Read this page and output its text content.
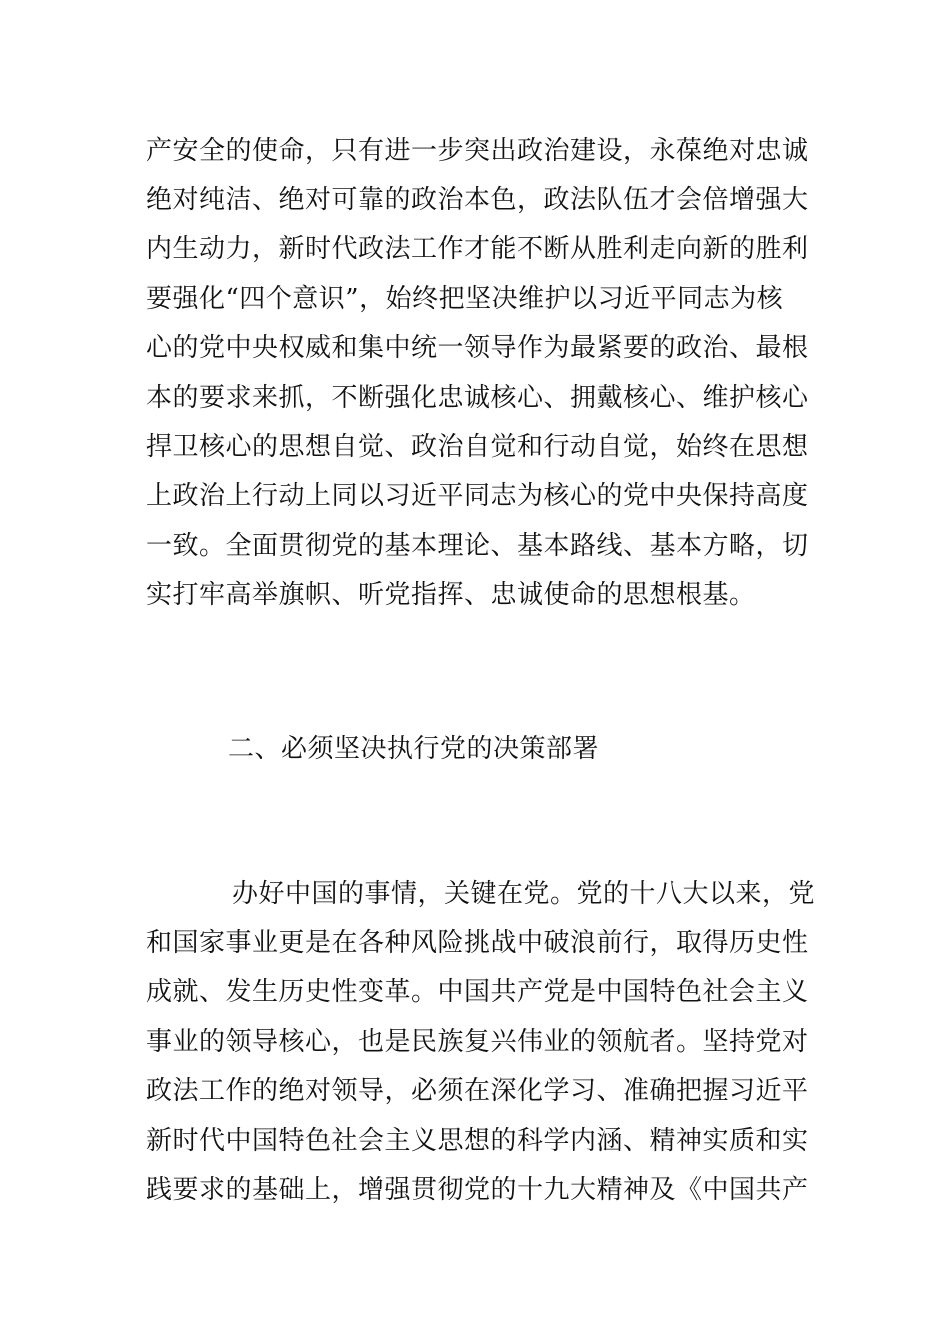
产安全的使命，只有进一步突出政治建设，永葆绝对忠诚
绝对纯洁、绝对可靠的政治本色，政法队伍才会倍增强大
内生动力，新时代政法工作才能不断从胜利走向新的胜利
要强化“四个意识”，始终把坚决维护以习近平同志为核
心的党中央权威和集中统一领导作为最紧要的政治、最根
本的要求来抓，不断强化忠诚核心、拥戴核心、维护核心
捍卫核心的思想自觉、政治自觉和行动自觉，始终在思想
上政治上行动上同以习近平同志为核心的党中央保持高度
一致。全面贯彻党的基本理论、基本路线、基本方略，切
实打牢高举旗帜、听党指挥、忠诚使命的思想根基。
二、必须坚决执行党的决策部署
办好中国的事情，关键在党。党的十八大以来，党
和国家事业更是在各种风险挑战中破浪前行，取得历史性
成就、发生历史性变革。中国共产党是中国特色社会主义
事业的领导核心，也是民族复兴伟业的领航者。坚持党对
政法工作的绝对领导，必须在深化学习、准确把握习近平
新时代中国特色社会主义思想的科学内涵、精神实质和实
践要求的基础上，增强贯彻党的十九大精神及《中国共产
